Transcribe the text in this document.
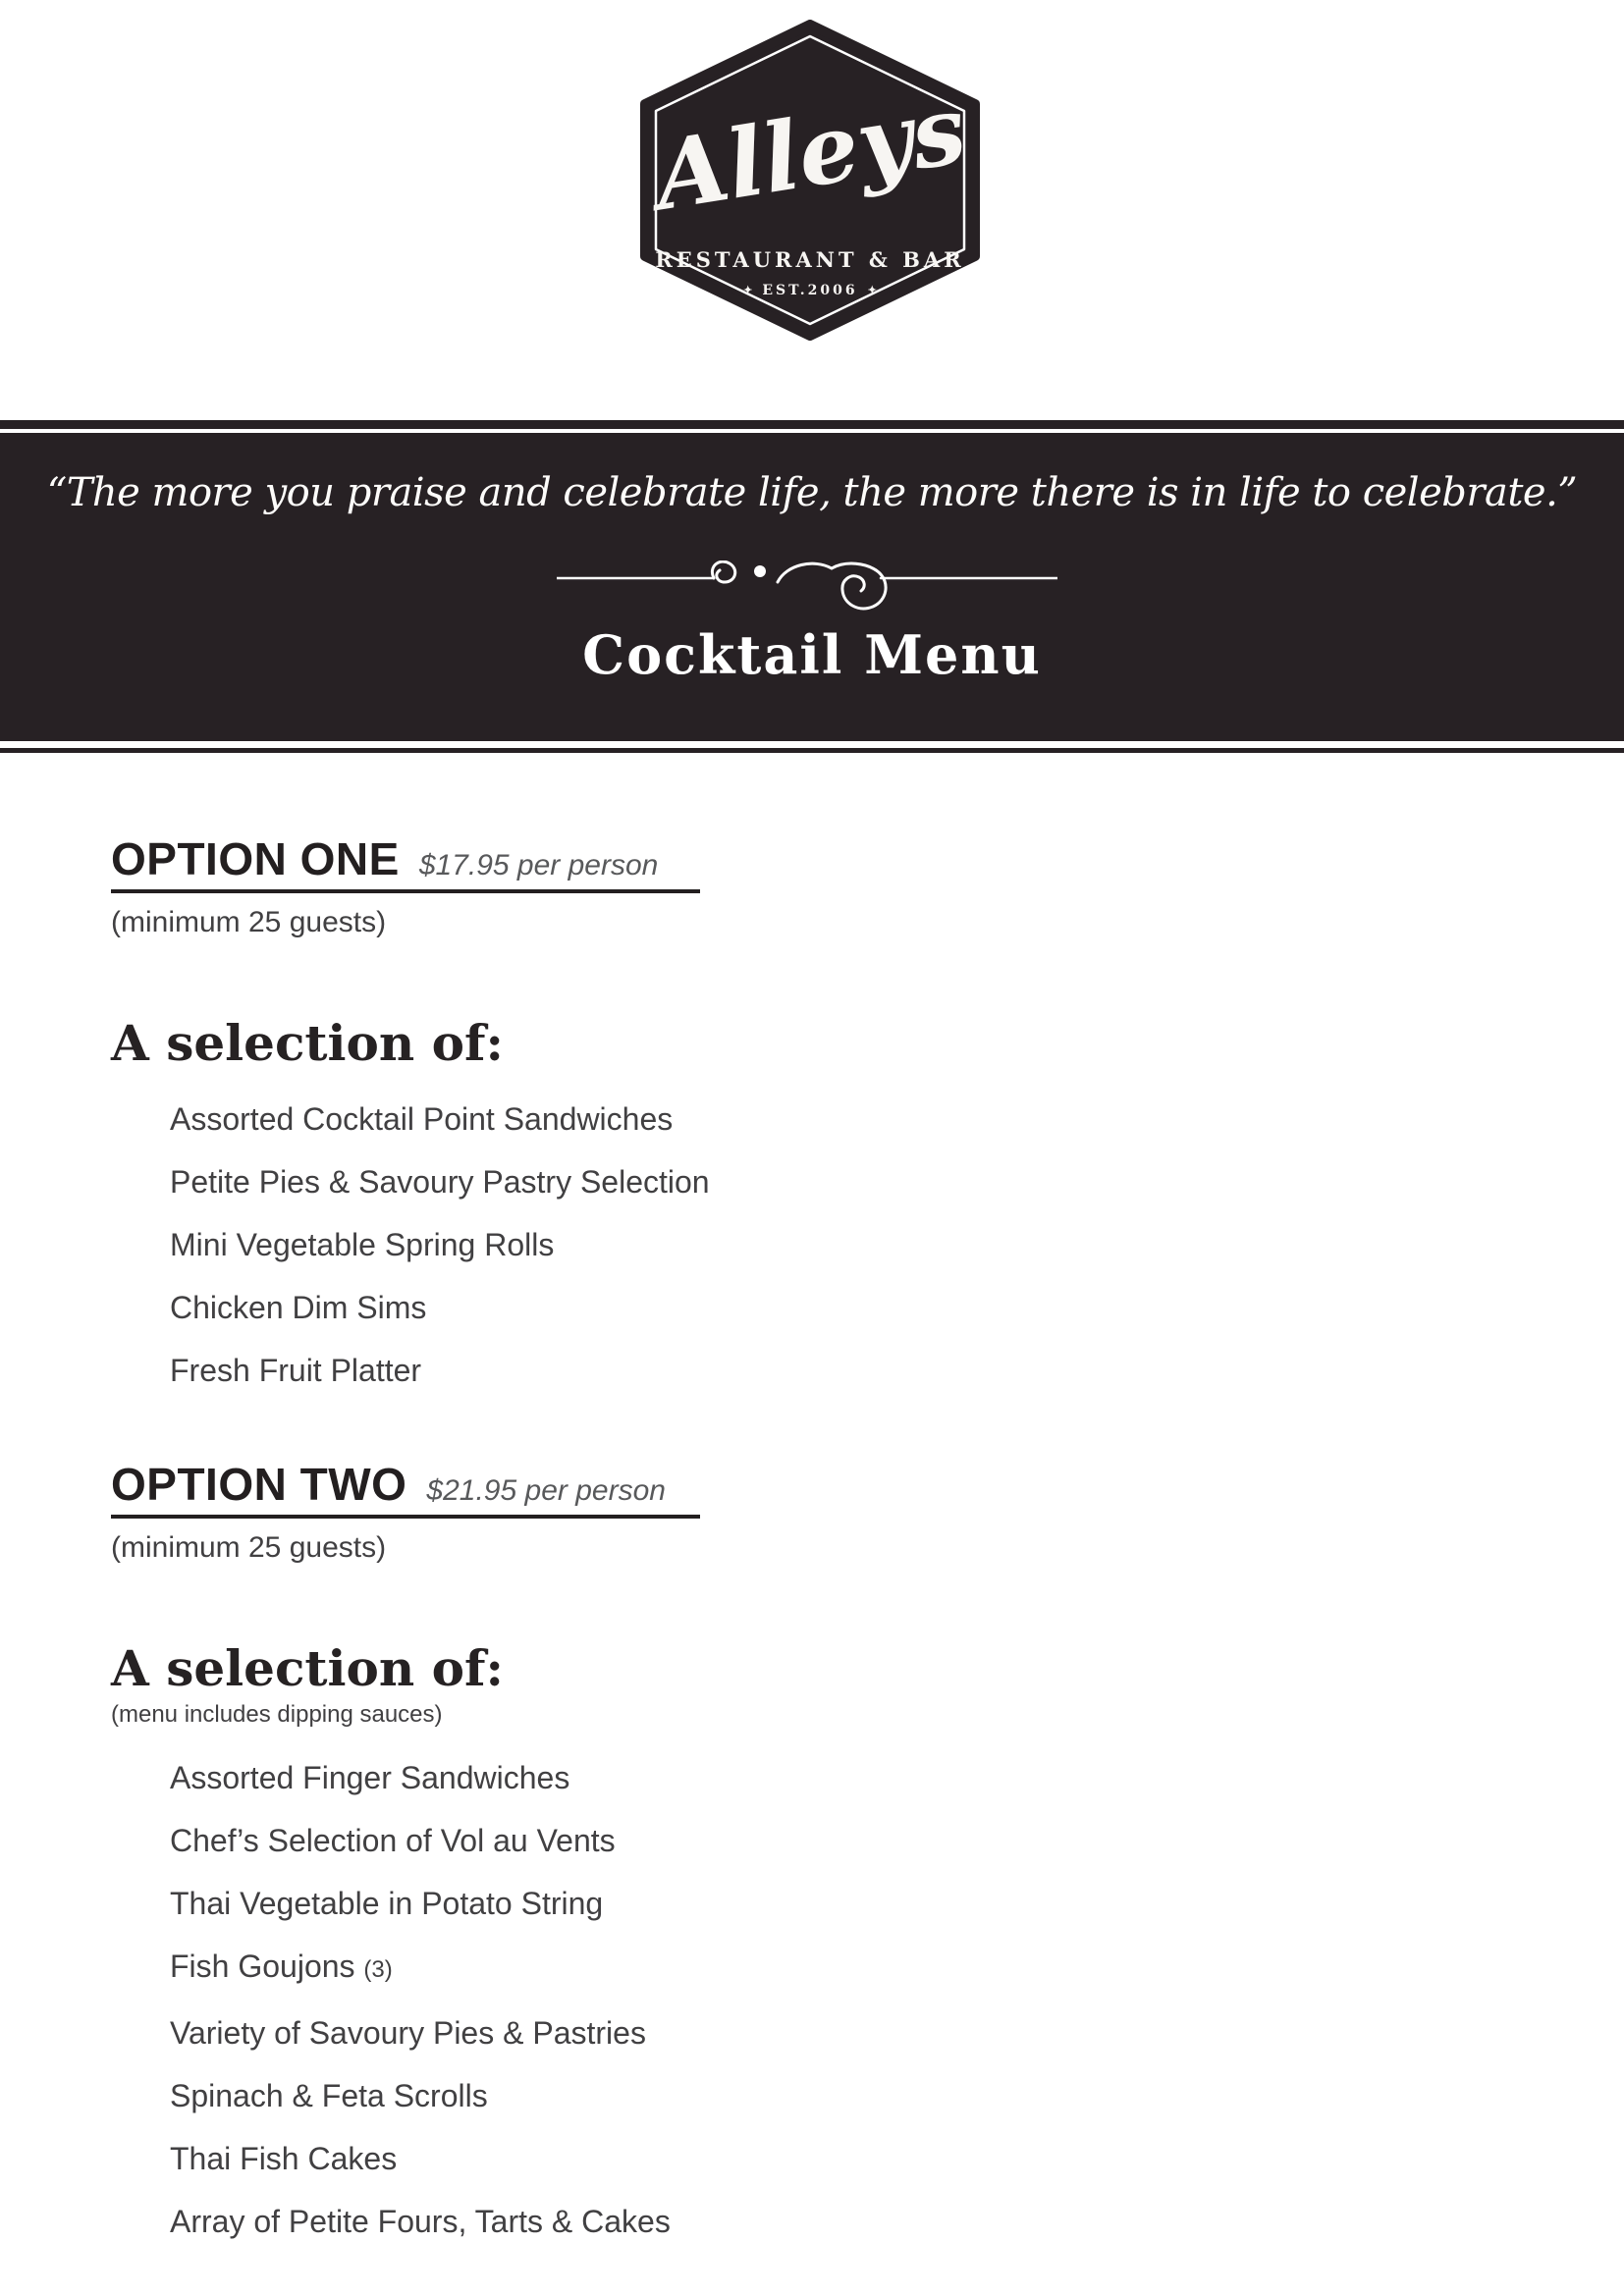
Alleys
RESTAURANT & BAR
✦ EST.2006 ✦

“The more you praise and celebrate life, the more there is in life to celebrate.”

Cocktail Menu
OPTION ONE $17.95 per person
(minimum 25 guests)
A selection of:
Assorted Cocktail Point Sandwiches
Petite Pies & Savoury Pastry Selection
Mini Vegetable Spring Rolls
Chicken Dim Sims
Fresh Fruit Platter
OPTION TWO $21.95 per person
(minimum 25 guests)
A selection of:
(menu includes dipping sauces)
Assorted Finger Sandwiches
Chef’s Selection of Vol au Vents
Thai Vegetable in Potato String
Fish Goujons (3)
Variety of Savoury Pies & Pastries
Spinach & Feta Scrolls
Thai Fish Cakes
Array of Petite Fours, Tarts & Cakes
